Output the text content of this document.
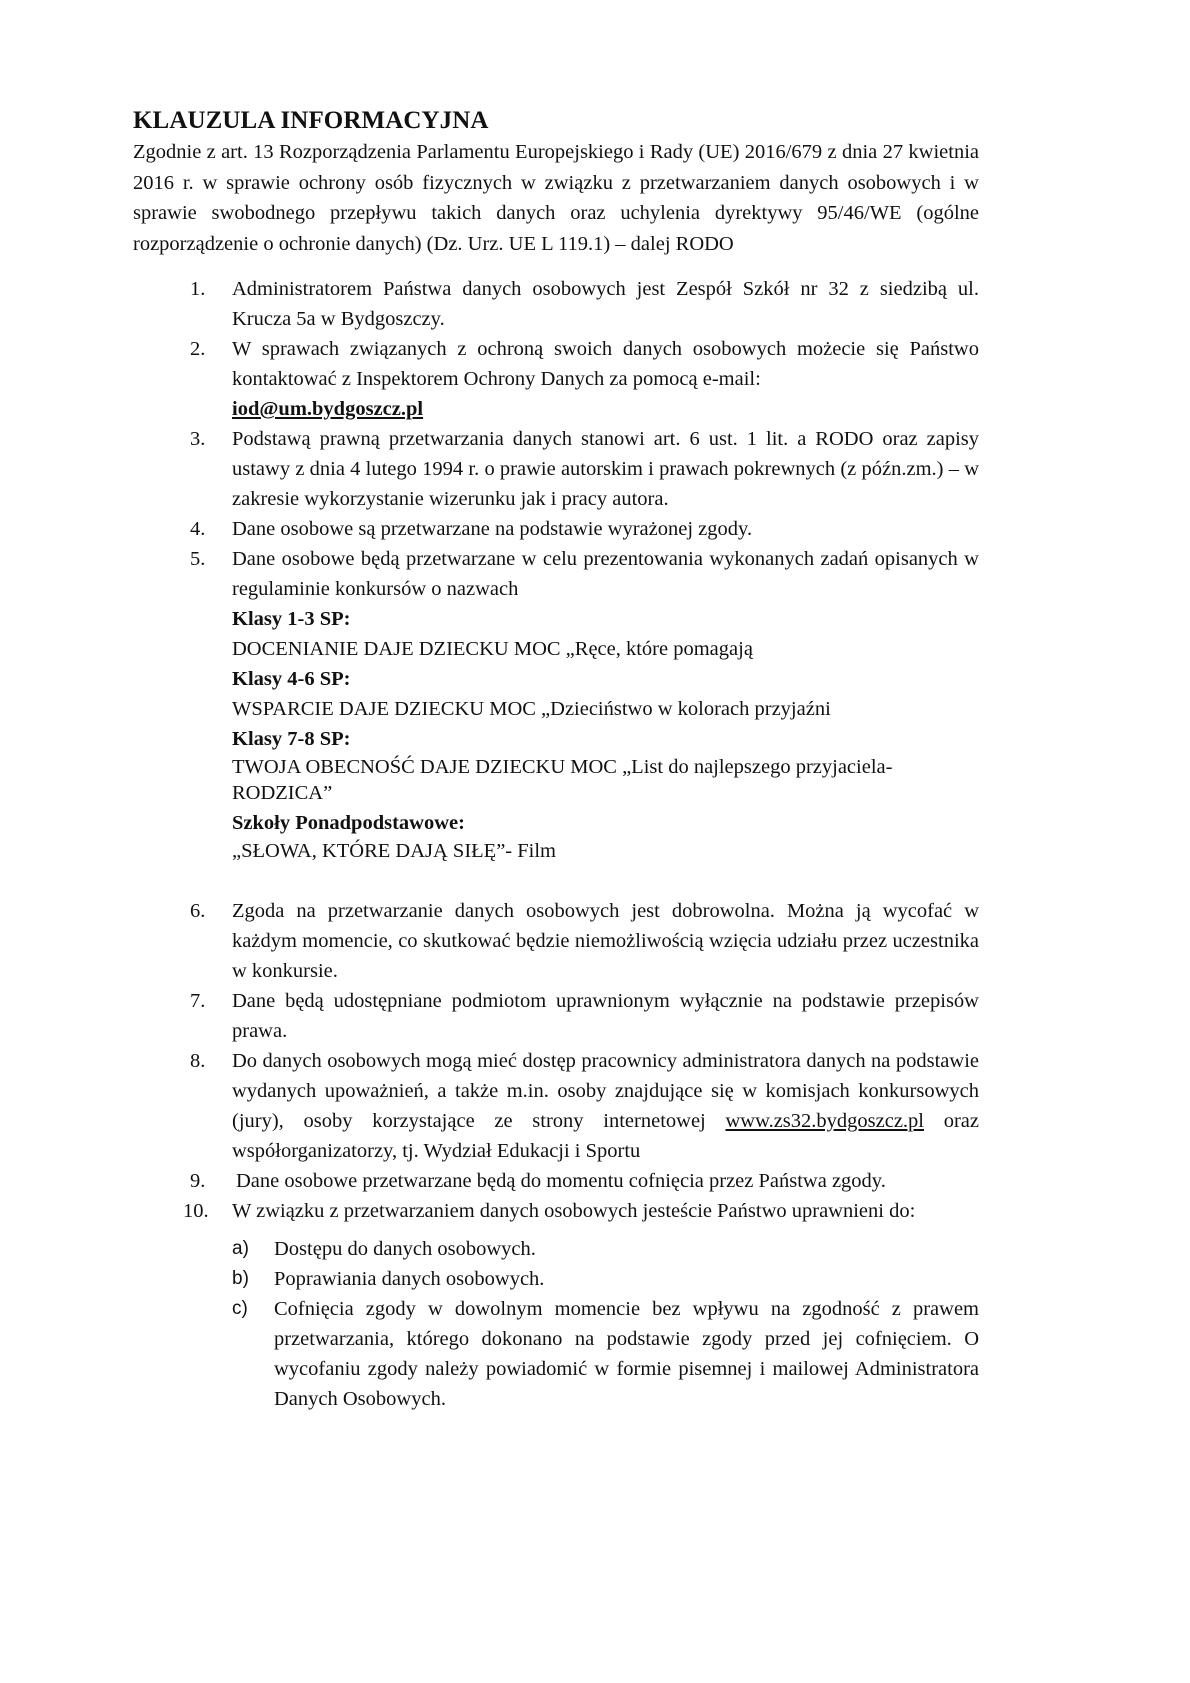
KLAUZULA INFORMACYJNA
Zgodnie z art. 13 Rozporządzenia Parlamentu Europejskiego i Rady (UE) 2016/679 z dnia 27 kwietnia 2016 r. w sprawie ochrony osób fizycznych w związku z przetwarzaniem danych osobowych i w sprawie swobodnego przepływu takich danych oraz uchylenia dyrektywy 95/46/WE (ogólne rozporządzenie o ochronie danych) (Dz. Urz. UE L 119.1) – dalej RODO
1. Administratorem Państwa danych osobowych jest Zespół Szkół nr 32 z siedzibą ul. Krucza 5a w Bydgoszczy.
2. W sprawach związanych z ochroną swoich danych osobowych możecie się Państwo kontaktować z Inspektorem Ochrony Danych za pomocą e-mail:
iod@um.bydgoszcz.pl
3. Podstawą prawną przetwarzania danych stanowi art. 6 ust. 1 lit. a RODO oraz zapisy ustawy z dnia 4 lutego 1994 r. o prawie autorskim i prawach pokrewnych (z późn.zm.) – w zakresie wykorzystanie wizerunku jak i pracy autora.
4. Dane osobowe są przetwarzane na podstawie wyrażonej zgody.
5. Dane osobowe będą przetwarzane w celu prezentowania wykonanych zadań opisanych w regulaminie konkursów o nazwach
Klasy 1-3 SP:
DOCENIANIE DAJE DZIECKU MOC „Ręce, które pomagają
Klasy 4-6 SP:
WSPARCIE DAJE DZIECKU MOC „Dzieciństwo w kolorach przyjaźni
Klasy 7-8 SP:
TWOJA OBECNOŚĆ DAJE DZIECKU MOC „List do najlepszego przyjaciela-RODZICA”
Szkoły Ponadpodstawowe:
„SŁOWA, KTÓRE DAJĄ SIŁĘ”- Film
6. Zgoda na przetwarzanie danych osobowych jest dobrowolna. Można ją wycofać w każdym momencie, co skutkować będzie niemożliwością wzięcia udziału przez uczestnika w konkursie.
7. Dane będą udostępniane podmiotom uprawnionym wyłącznie na podstawie przepisów prawa.
8. Do danych osobowych mogą mieć dostęp pracownicy administratora danych na podstawie wydanych upoważnień, a także m.in. osoby znajdujące się w komisjach konkursowych (jury), osoby korzystające ze strony internetowej www.zs32.bydgoszcz.pl oraz współorganizatorzy, tj. Wydział Edukacji i Sportu
9. Dane osobowe przetwarzane będą do momentu cofnięcia przez Państwa zgody.
10. W związku z przetwarzaniem danych osobowych jesteście Państwo uprawnieni do:
a) Dostępu do danych osobowych.
b) Poprawiania danych osobowych.
c) Cofnięcia zgody w dowolnym momencie bez wpływu na zgodność z prawem przetwarzania, którego dokonano na podstawie zgody przed jej cofnięciem. O wycofaniu zgody należy powiadomić w formie pisemnej i mailowej Administratora Danych Osobowych.
